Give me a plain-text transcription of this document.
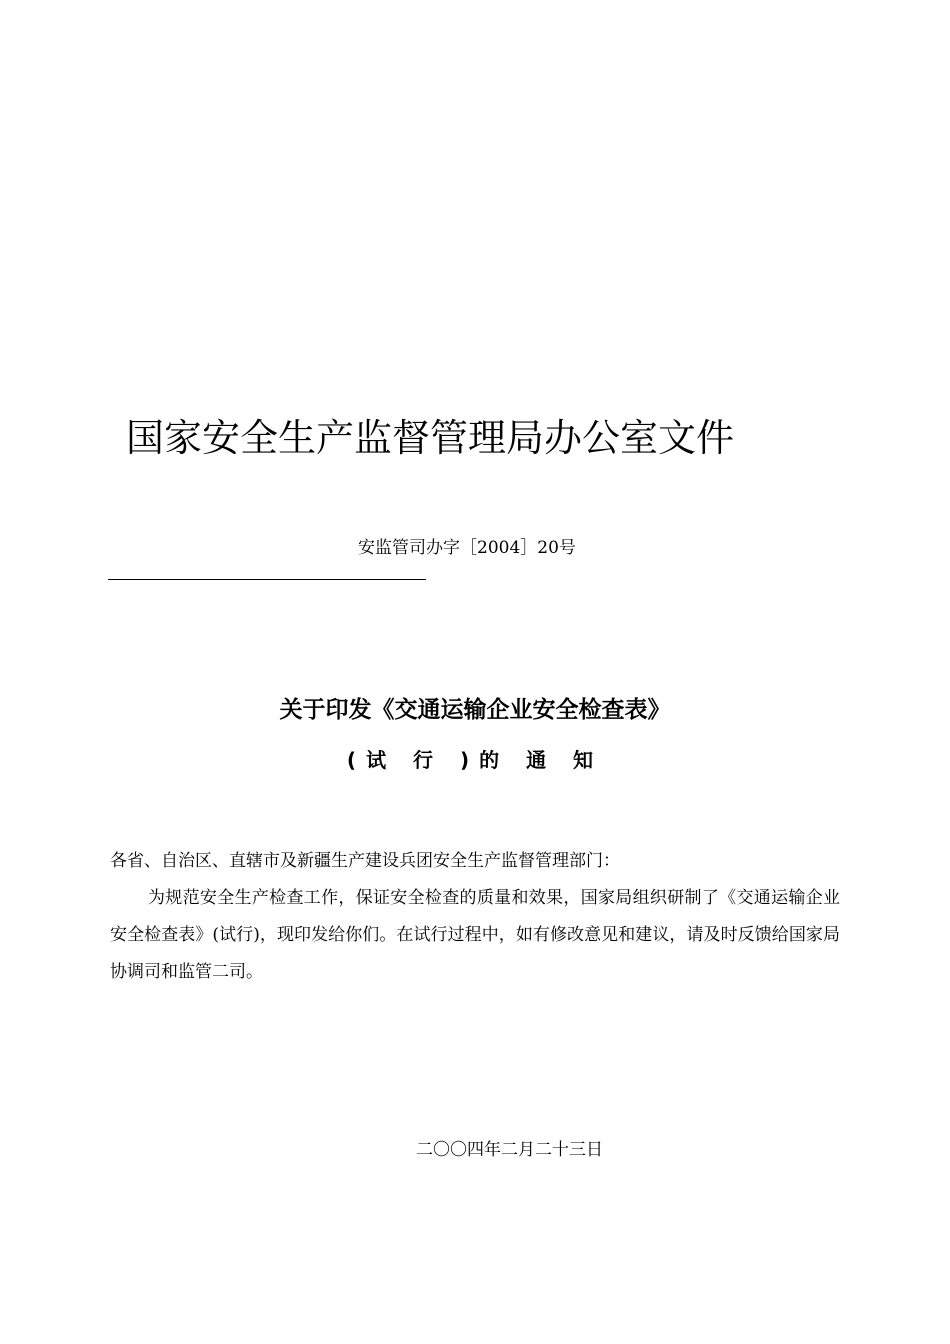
国家安全生产监督管理局办公室文件
安监管司办字［2004］20号
关于印发《交通运输企业安全检查表》
(试 行 )的 通 知
各省、自治区、直辖市及新疆生产建设兵团安全生产监督管理部门：
为规范安全生产检查工作，保证安全检查的质量和效果，国家局组织研制了《交通运输企业安全检查表》(试行)，现印发给你们。在试行过程中，如有修改意见和建议，请及时反馈给国家局协调司和监管二司。
二〇〇四年二月二十三日
